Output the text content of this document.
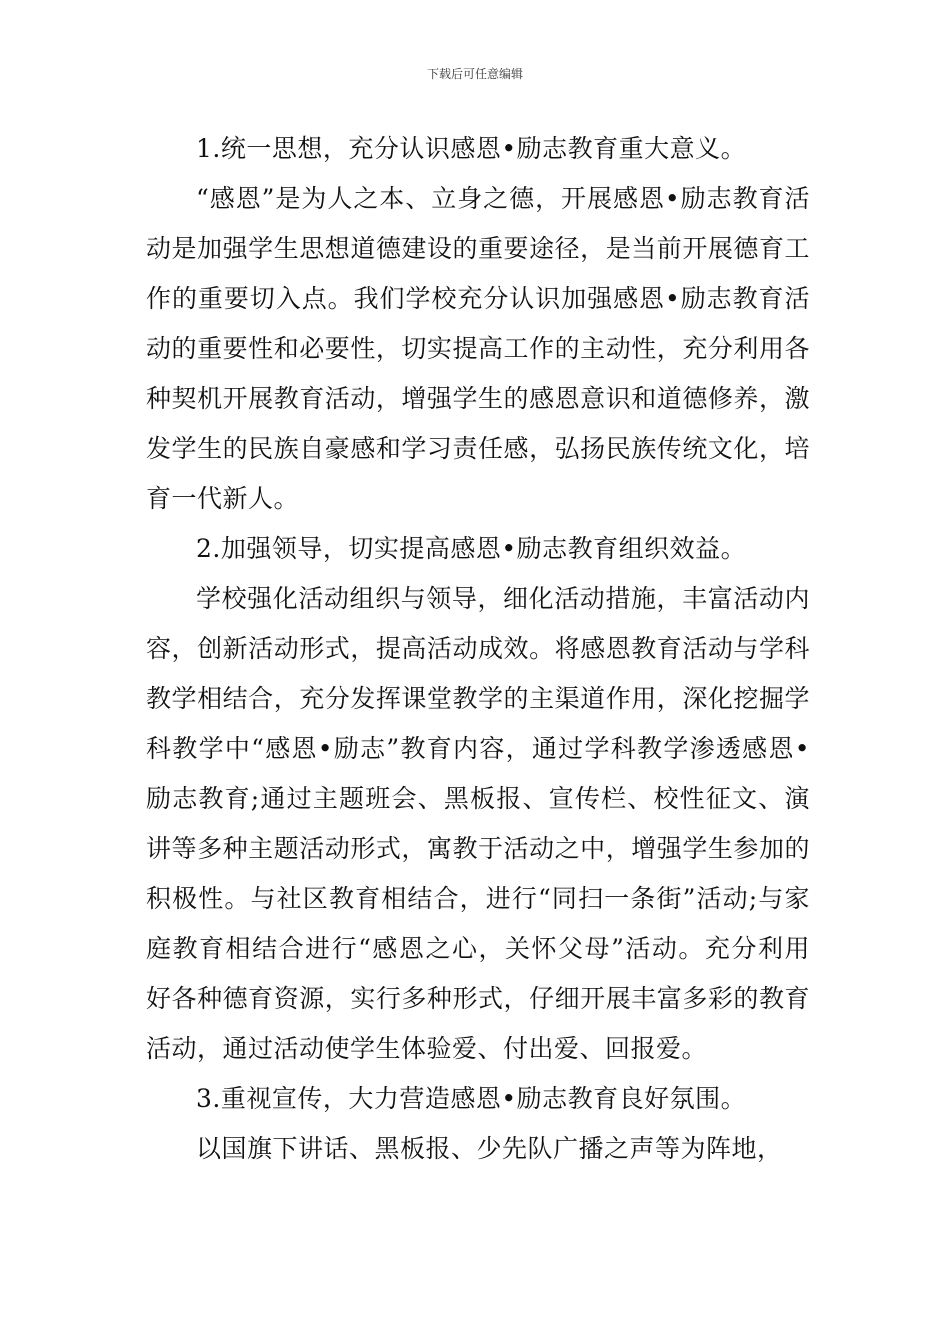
下载后可任意编辑

1.统一思想，充分认识感恩•励志教育重大意义。

“感恩”是为人之本、立身之德，开展感恩•励志教育活动是加强学生思想道德建设的重要途径，是当前开展德育工作的重要切入点。我们学校充分认识加强感恩•励志教育活动的重要性和必要性，切实提高工作的主动性，充分利用各种契机开展教育活动，增强学生的感恩意识和道德修养，激发学生的民族自豪感和学习责任感，弘扬民族传统文化，培育一代新人。

2.加强领导，切实提高感恩•励志教育组织效益。

学校强化活动组织与领导，细化活动措施，丰富活动内容，创新活动形式，提高活动成效。将感恩教育活动与学科教学相结合，充分发挥课堂教学的主渠道作用，深化挖掘学科教学中“感恩•励志”教育内容，通过学科教学渗透感恩•励志教育;通过主题班会、黑板报、宣传栏、校性征文、演讲等多种主题活动形式，寓教于活动之中，增强学生参加的积极性。与社区教育相结合，进行“同扫一条街”活动;与家庭教育相结合进行“感恩之心，关怀父母”活动。充分利用好各种德育资源，实行多种形式，仔细开展丰富多彩的教育活动，通过活动使学生体验爱、付出爱、回报爱。

3.重视宣传，大力营造感恩•励志教育良好氛围。

以国旗下讲话、黑板报、少先队广播之声等为阵地，
